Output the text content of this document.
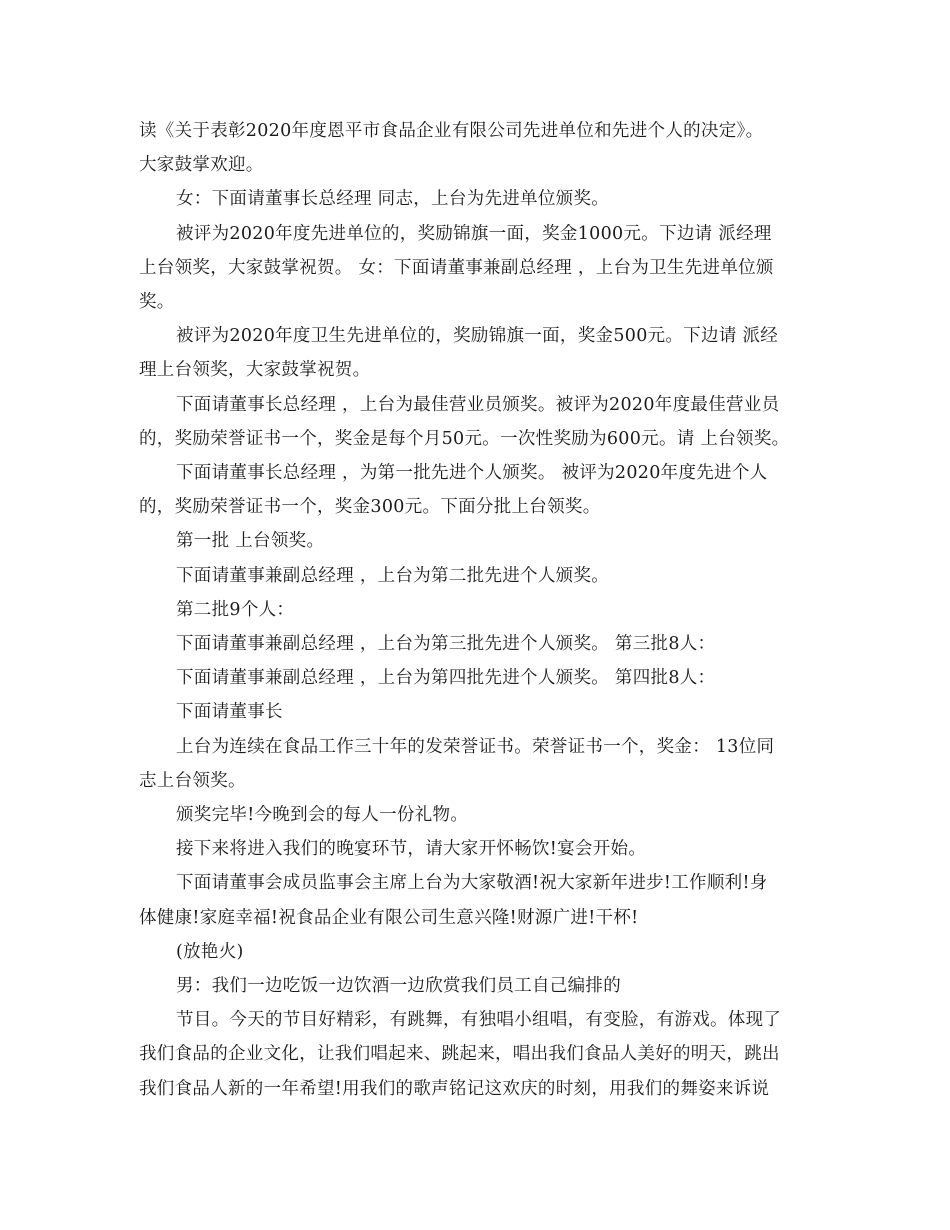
读《关于表彰2020年度恩平市食品企业有限公司先进单位和先进个人的决定》。

大家鼓掌欢迎。

女：下面请董事长总经理 同志，上台为先进单位颁奖。

被评为2020年度先进单位的，奖励锦旗一面，奖金1000元。下边请 派经理

上台领奖，大家鼓掌祝贺。 女：下面请董事兼副总经理 ，上台为卫生先进单位颁

奖。

被评为2020年度卫生先进单位的，奖励锦旗一面，奖金500元。下边请 派经

理上台领奖，大家鼓掌祝贺。

下面请董事长总经理 ，上台为最佳营业员颁奖。被评为2020年度最佳营业员

的，奖励荣誉证书一个，奖金是每个月50元。一次性奖励为600元。请 上台领奖。

下面请董事长总经理 ，为第一批先进个人颁奖。 被评为2020年度先进个人

的，奖励荣誉证书一个，奖金300元。下面分批上台领奖。

第一批 上台领奖。

下面请董事兼副总经理 ，上台为第二批先进个人颁奖。

第二批9个人：

下面请董事兼副总经理 ，上台为第三批先进个人颁奖。 第三批8人：

下面请董事兼副总经理 ，上台为第四批先进个人颁奖。 第四批8人：

下面请董事长

上台为连续在食品工作三十年的发荣誉证书。荣誉证书一个，奖金： 13位同

志上台领奖。

颁奖完毕!今晚到会的每人一份礼物。

接下来将进入我们的晚宴环节，请大家开怀畅饮!宴会开始。

下面请董事会成员监事会主席上台为大家敬酒!祝大家新年进步!工作顺利!身

体健康!家庭幸福!祝食品企业有限公司生意兴隆!财源广进!干杯!

(放艳火)

男：我们一边吃饭一边饮酒一边欣赏我们员工自己编排的

节目。今天的节目好精彩，有跳舞，有独唱小组唱，有变脸，有游戏。体现了

我们食品的企业文化，让我们唱起来、跳起来，唱出我们食品人美好的明天，跳出

我们食品人新的一年希望!用我们的歌声铭记这欢庆的时刻，用我们的舞姿来诉说
